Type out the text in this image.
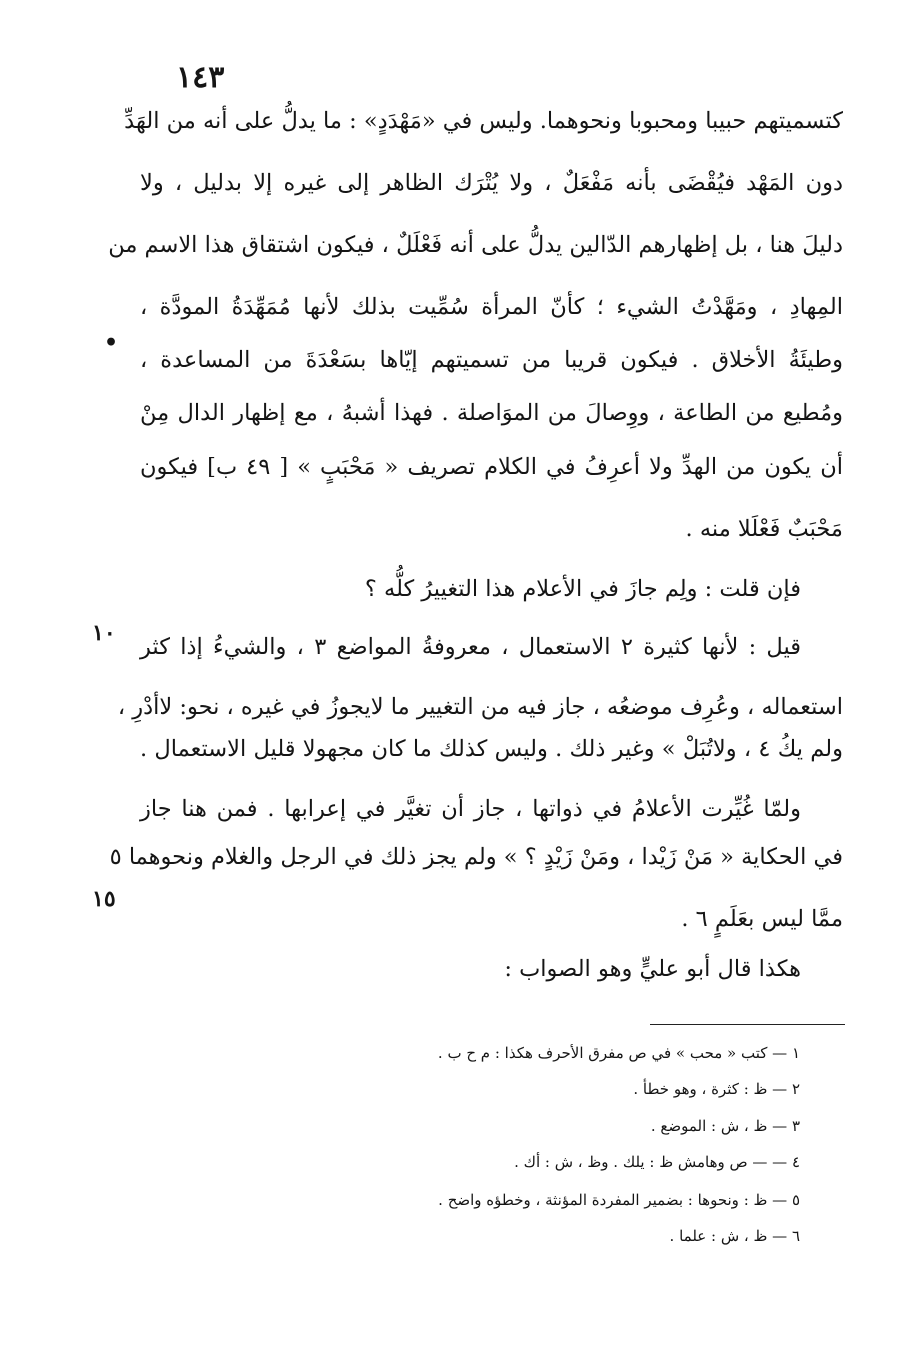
١٤٣
•
١٠
١٥
كتسميتهم حبيبا ومحبوبا ونحوهما. وليس في «مَهْدَدٍ» : ما يدلُّ على أنه من الهَدِّ
دون المَهْد فيُقْضَى بأنه مَفْعَلٌ ، ولا يُتْرَك الظاهر إلى غيره إلا بدليل ، ولا
دليلَ هنا ، بل إظهارهم الدّالين يدلُّ على أنه فَعْلَلٌ ، فيكون اشتقاق هذا الاسم من
المِهادِ ، ومَهَّدْتُ الشيء ؛ كأنّ المرأة سُمِّيت بذلك لأنها مُمَهِّدَةُ المودَّة ،
وطيئَةُ الأخلاق . فيكون قريبا من تسميتهم إيّاها بسَعْدَةَ من المساعدة ،
ومُطيع من الطاعة ، ووِصالَ من الموَاصلة . فهذا أشبهُ ، مع إظهار الدال مِنْ
أن يكون من الهدِّ ولا أعرِفُ في الكلام تصريف « مَحْبَبٍ » [ ٤٩ ب] فيكون
مَحْبَبٌ فَعْلَلا منه .
فإن قلت : ولِم جازَ في الأعلام هذا التغييرُ كلُّه ؟
قيل : لأنها كثيرة ٢ الاستعمال ، معروفةُ المواضع ٣ ، والشيءُ إذا كثر
استعماله ، وعُرِف موضعُه ، جاز فيه من التغيير ما لايجوزُ في غيره ، نحو: لاأدْرِ ،
ولم يكُ ٤ ، ولاتُبَلْ » وغير ذلك . وليس كذلك ما كان مجهولا قليل الاستعمال .
ولمّا غُيِّرت الأعلامُ في ذواتها ، جاز أن تغيَّر في إعرابها . فمن هنا جاز
في الحكاية « مَنْ زَيْدا ، ومَنْ زَيْدٍ ؟ » ولم يجز ذلك في الرجل والغلام ونحوهما ٥
ممَّا ليس بعَلَمٍ ٦ .
هكذا قال أبو عليٍّ وهو الصواب :
١ — كتب « محب » في ص مفرق الأحرف هكذا : م ح ب .
٢ — ظ : كثرة ، وهو خطأ .
٣ — ظ ، ش : الموضع .
٤ — — ص وهامش ظ : يلك . وظ ، ش : أك .
٥ — ظ : ونحوها : بضمير المفردة المؤنثة ، وخطؤه واضح .
٦ — ظ ، ش : علما .
